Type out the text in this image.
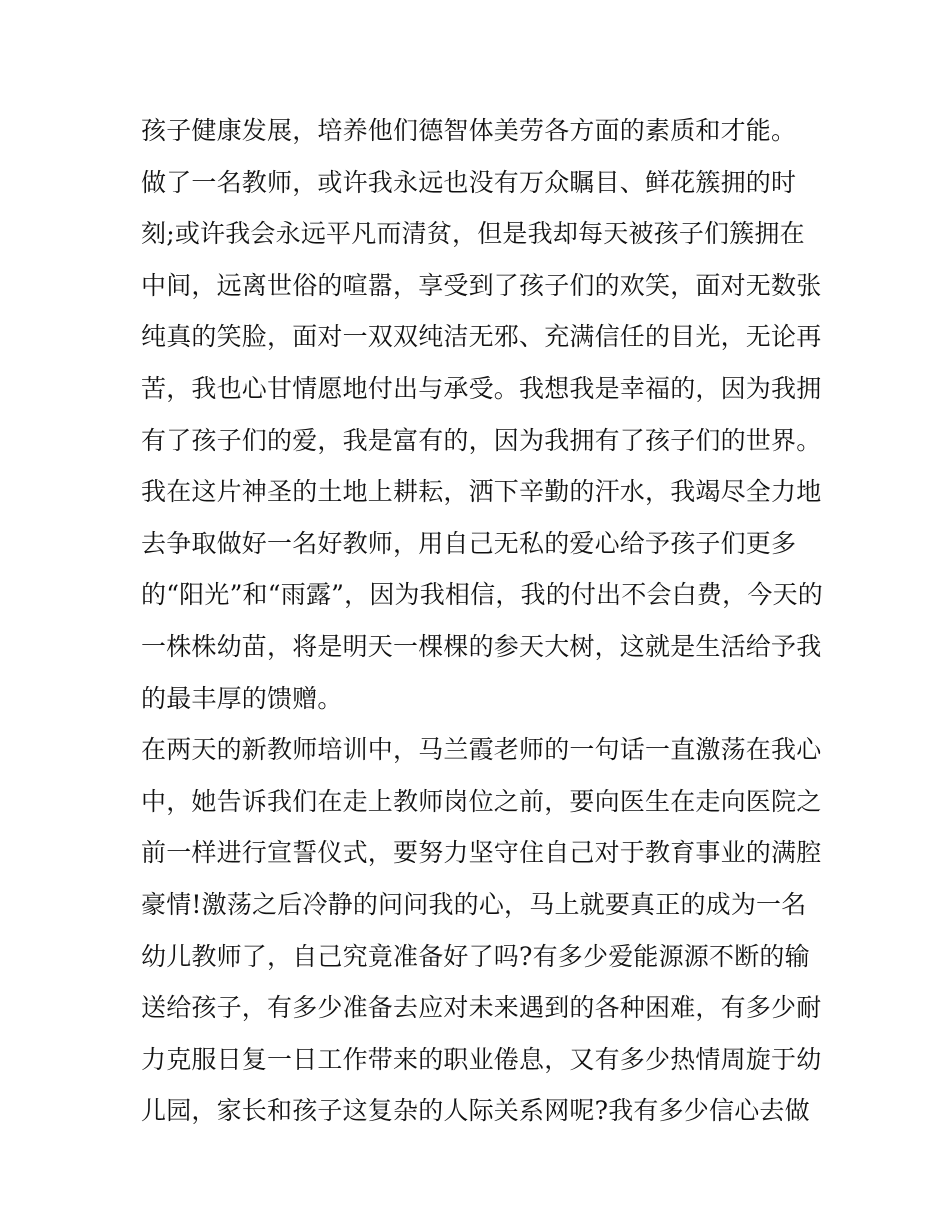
孩子健康发展，培养他们德智体美劳各方面的素质和才能。
做了一名教师，或许我永远也没有万众瞩目、鲜花簇拥的时
刻;或许我会永远平凡而清贫，但是我却每天被孩子们簇拥在
中间，远离世俗的喧嚣，享受到了孩子们的欢笑，面对无数张
纯真的笑脸，面对一双双纯洁无邪、充满信任的目光，无论再
苦，我也心甘情愿地付出与承受。我想我是幸福的，因为我拥
有了孩子们的爱，我是富有的，因为我拥有了孩子们的世界。
我在这片神圣的土地上耕耘，洒下辛勤的汗水，我竭尽全力地
去争取做好一名好教师，用自己无私的爱心给予孩子们更多
的“阳光”和“雨露”，因为我相信，我的付出不会白费，今天的
一株株幼苗，将是明天一棵棵的参天大树，这就是生活给予我
的最丰厚的馈赠。
在两天的新教师培训中，马兰霞老师的一句话一直激荡在我心
中，她告诉我们在走上教师岗位之前，要向医生在走向医院之
前一样进行宣誓仪式，要努力坚守住自己对于教育事业的满腔
豪情!激荡之后冷静的问问我的心，马上就要真正的成为一名
幼儿教师了，自己究竟准备好了吗?有多少爱能源源不断的输
送给孩子，有多少准备去应对未来遇到的各种困难，有多少耐
力克服日复一日工作带来的职业倦息，又有多少热情周旋于幼
儿园，家长和孩子这复杂的人际关系网呢?我有多少信心去做
